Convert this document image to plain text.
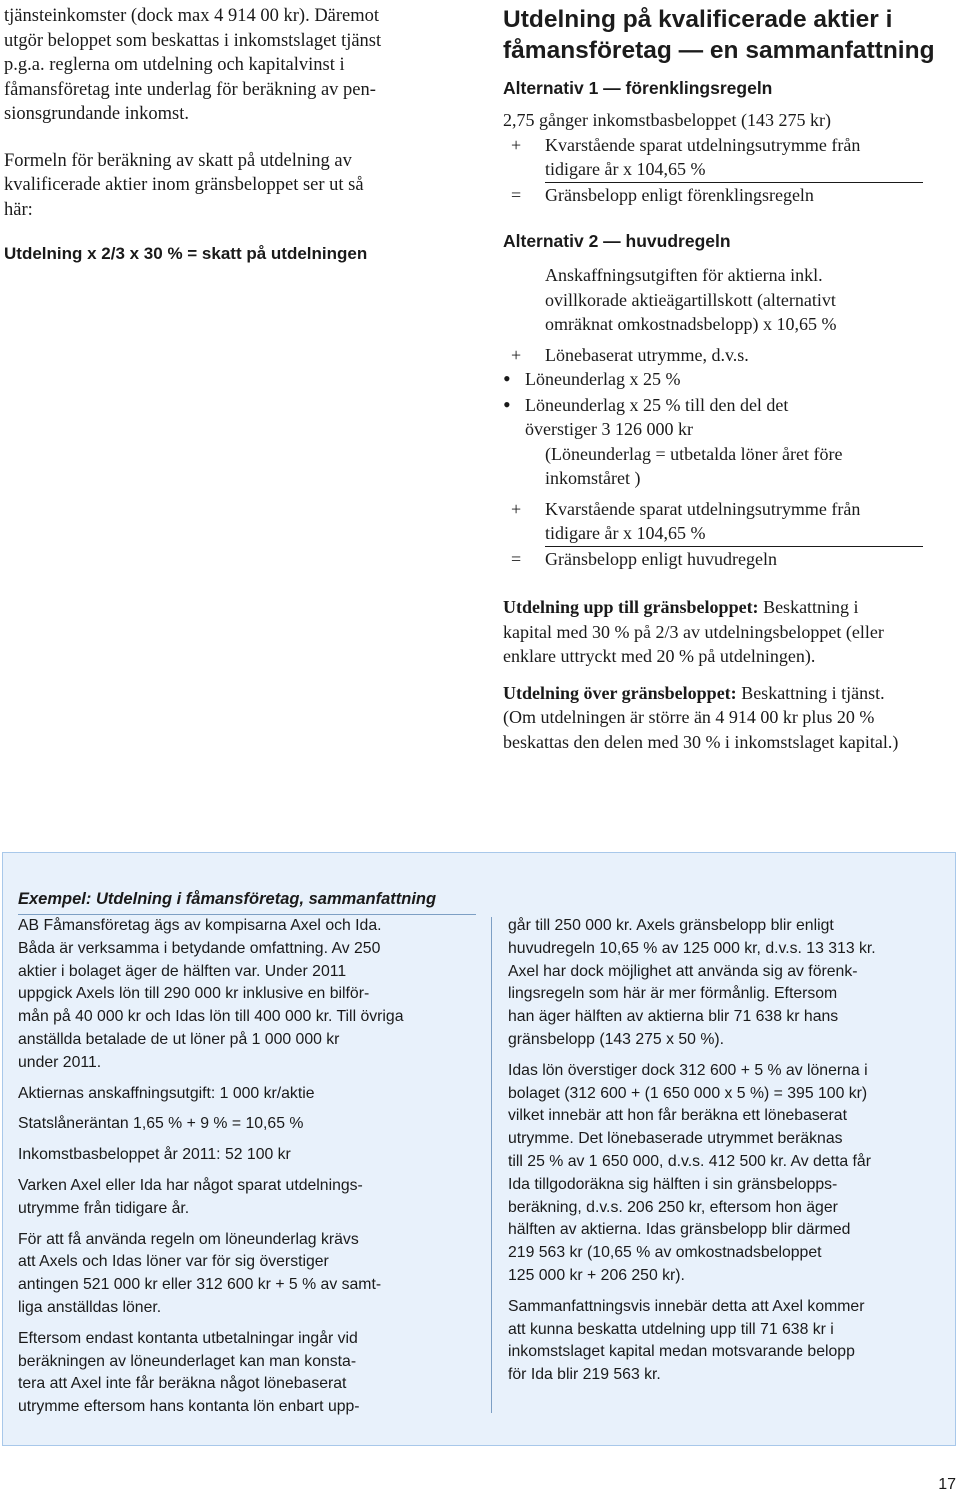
tjänsteinkomster (dock max 4 914 00 kr). Däremot
utgör beloppet som beskattas i inkomstslaget tjänst
p.g.a. reglerna om utdelning och kapitalvinst i
fåmansföretag inte underlag för beräkning av pen-
sionsgrundande inkomst.

Formeln för beräkning av skatt på utdelning av
kvalificerade aktier inom gränsbeloppet ser ut så
här:

Utdelning x 2/3 x 30 % = skatt på utdelningen

Utdelning på kvalificerade aktier i
fåmansföretag — en sammanfattning
Alternativ 1 — förenklingsregeln
2,75 gånger inkomstbasbeloppet (143 275 kr)
+	Kvarstående sparat utdelningsutrymme från
tidigare år x 104,65 %
=	Gränsbelopp enligt förenklingsregeln
Alternativ 2 — huvudregeln
Anskaffningsutgiften för aktierna inkl.
ovillkorade aktieägartillskott (alternativt
omräknat omkostnadsbelopp) x 10,65 %
+	Lönebaserat utrymme, d.v.s.
•
Löneunderlag x 25 %
•
Löneunderlag x 25 % till den del det
överstiger 3 126 000 kr
(Löneunderlag = utbetalda löner året före
inkomståret )
+	Kvarstående sparat utdelningsutrymme från
tidigare år x 104,65 %
=	Gränsbelopp enligt huvudregeln

Utdelning upp till gränsbeloppet: Beskattning i
kapital med 30 % på 2/3 av utdelningsbeloppet (eller
enklare uttryckt med 20 % på utdelningen).

Utdelning över gränsbeloppet: Beskattning i tjänst.
(Om utdelningen är större än 4 914 00 kr plus 20 %
beskattas den delen med 30 % i inkomstslaget kapital.)

Exempel: Utdelning i fåmansföretag, sammanfattning

AB Fåmansföretag ägs av kompisarna Axel och Ida.
Båda är verksamma i betydande omfattning. Av 250
aktier i bolaget äger de hälften var. Under 2011
uppgick Axels lön till 290 000 kr inklusive en bilför-
mån på 40 000 kr och Idas lön till 400 000 kr. Till övriga
anställda betalade de ut löner på 1 000 000 kr
under 2011.

Aktiernas anskaffningsutgift: 1 000 kr/aktie

Statslåneräntan 1,65 % + 9 % = 10,65 %

Inkomstbasbeloppet år 2011: 52 100 kr

Varken Axel eller Ida har något sparat utdelnings-
utrymme från tidigare år.

För att få använda regeln om löneunderlag krävs
att Axels och Idas löner var för sig överstiger
antingen 521 000 kr eller 312 600 kr + 5 % av samt-
liga anställdas löner.

Eftersom endast kontanta utbetalningar ingår vid
beräkningen av löneunderlaget kan man konsta-
tera att Axel inte får beräkna något lönebaserat
utrymme eftersom hans kontanta lön enbart upp-

går till 250 000 kr. Axels gränsbelopp blir enligt
huvudregeln 10,65 % av 125 000 kr, d.v.s. 13 313 kr.
Axel har dock möjlighet att använda sig av förenk-
lingsregeln som här är mer förmånlig. Eftersom
han äger hälften av aktierna blir 71 638 kr hans
gränsbelopp (143 275 x 50 %).

Idas lön överstiger dock 312 600 + 5 % av lönerna i
bolaget (312 600 + (1 650 000 x 5 %) = 395 100 kr)
vilket innebär att hon får beräkna ett lönebaserat
utrymme. Det lönebaserade utrymmet beräknas
till 25 % av 1 650 000, d.v.s. 412 500 kr. Av detta får
Ida tillgodoräkna sig hälften i sin gränsbelopps-
beräkning, d.v.s. 206 250 kr, eftersom hon äger
hälften av aktierna. Idas gränsbelopp blir därmed
219 563 kr (10,65 % av omkostnadsbeloppet
125 000 kr + 206 250 kr).

Sammanfattningsvis innebär detta att Axel kommer
att kunna beskatta utdelning upp till 71 638 kr i
inkomstslaget kapital medan motsvarande belopp
för Ida blir 219 563 kr.

17
